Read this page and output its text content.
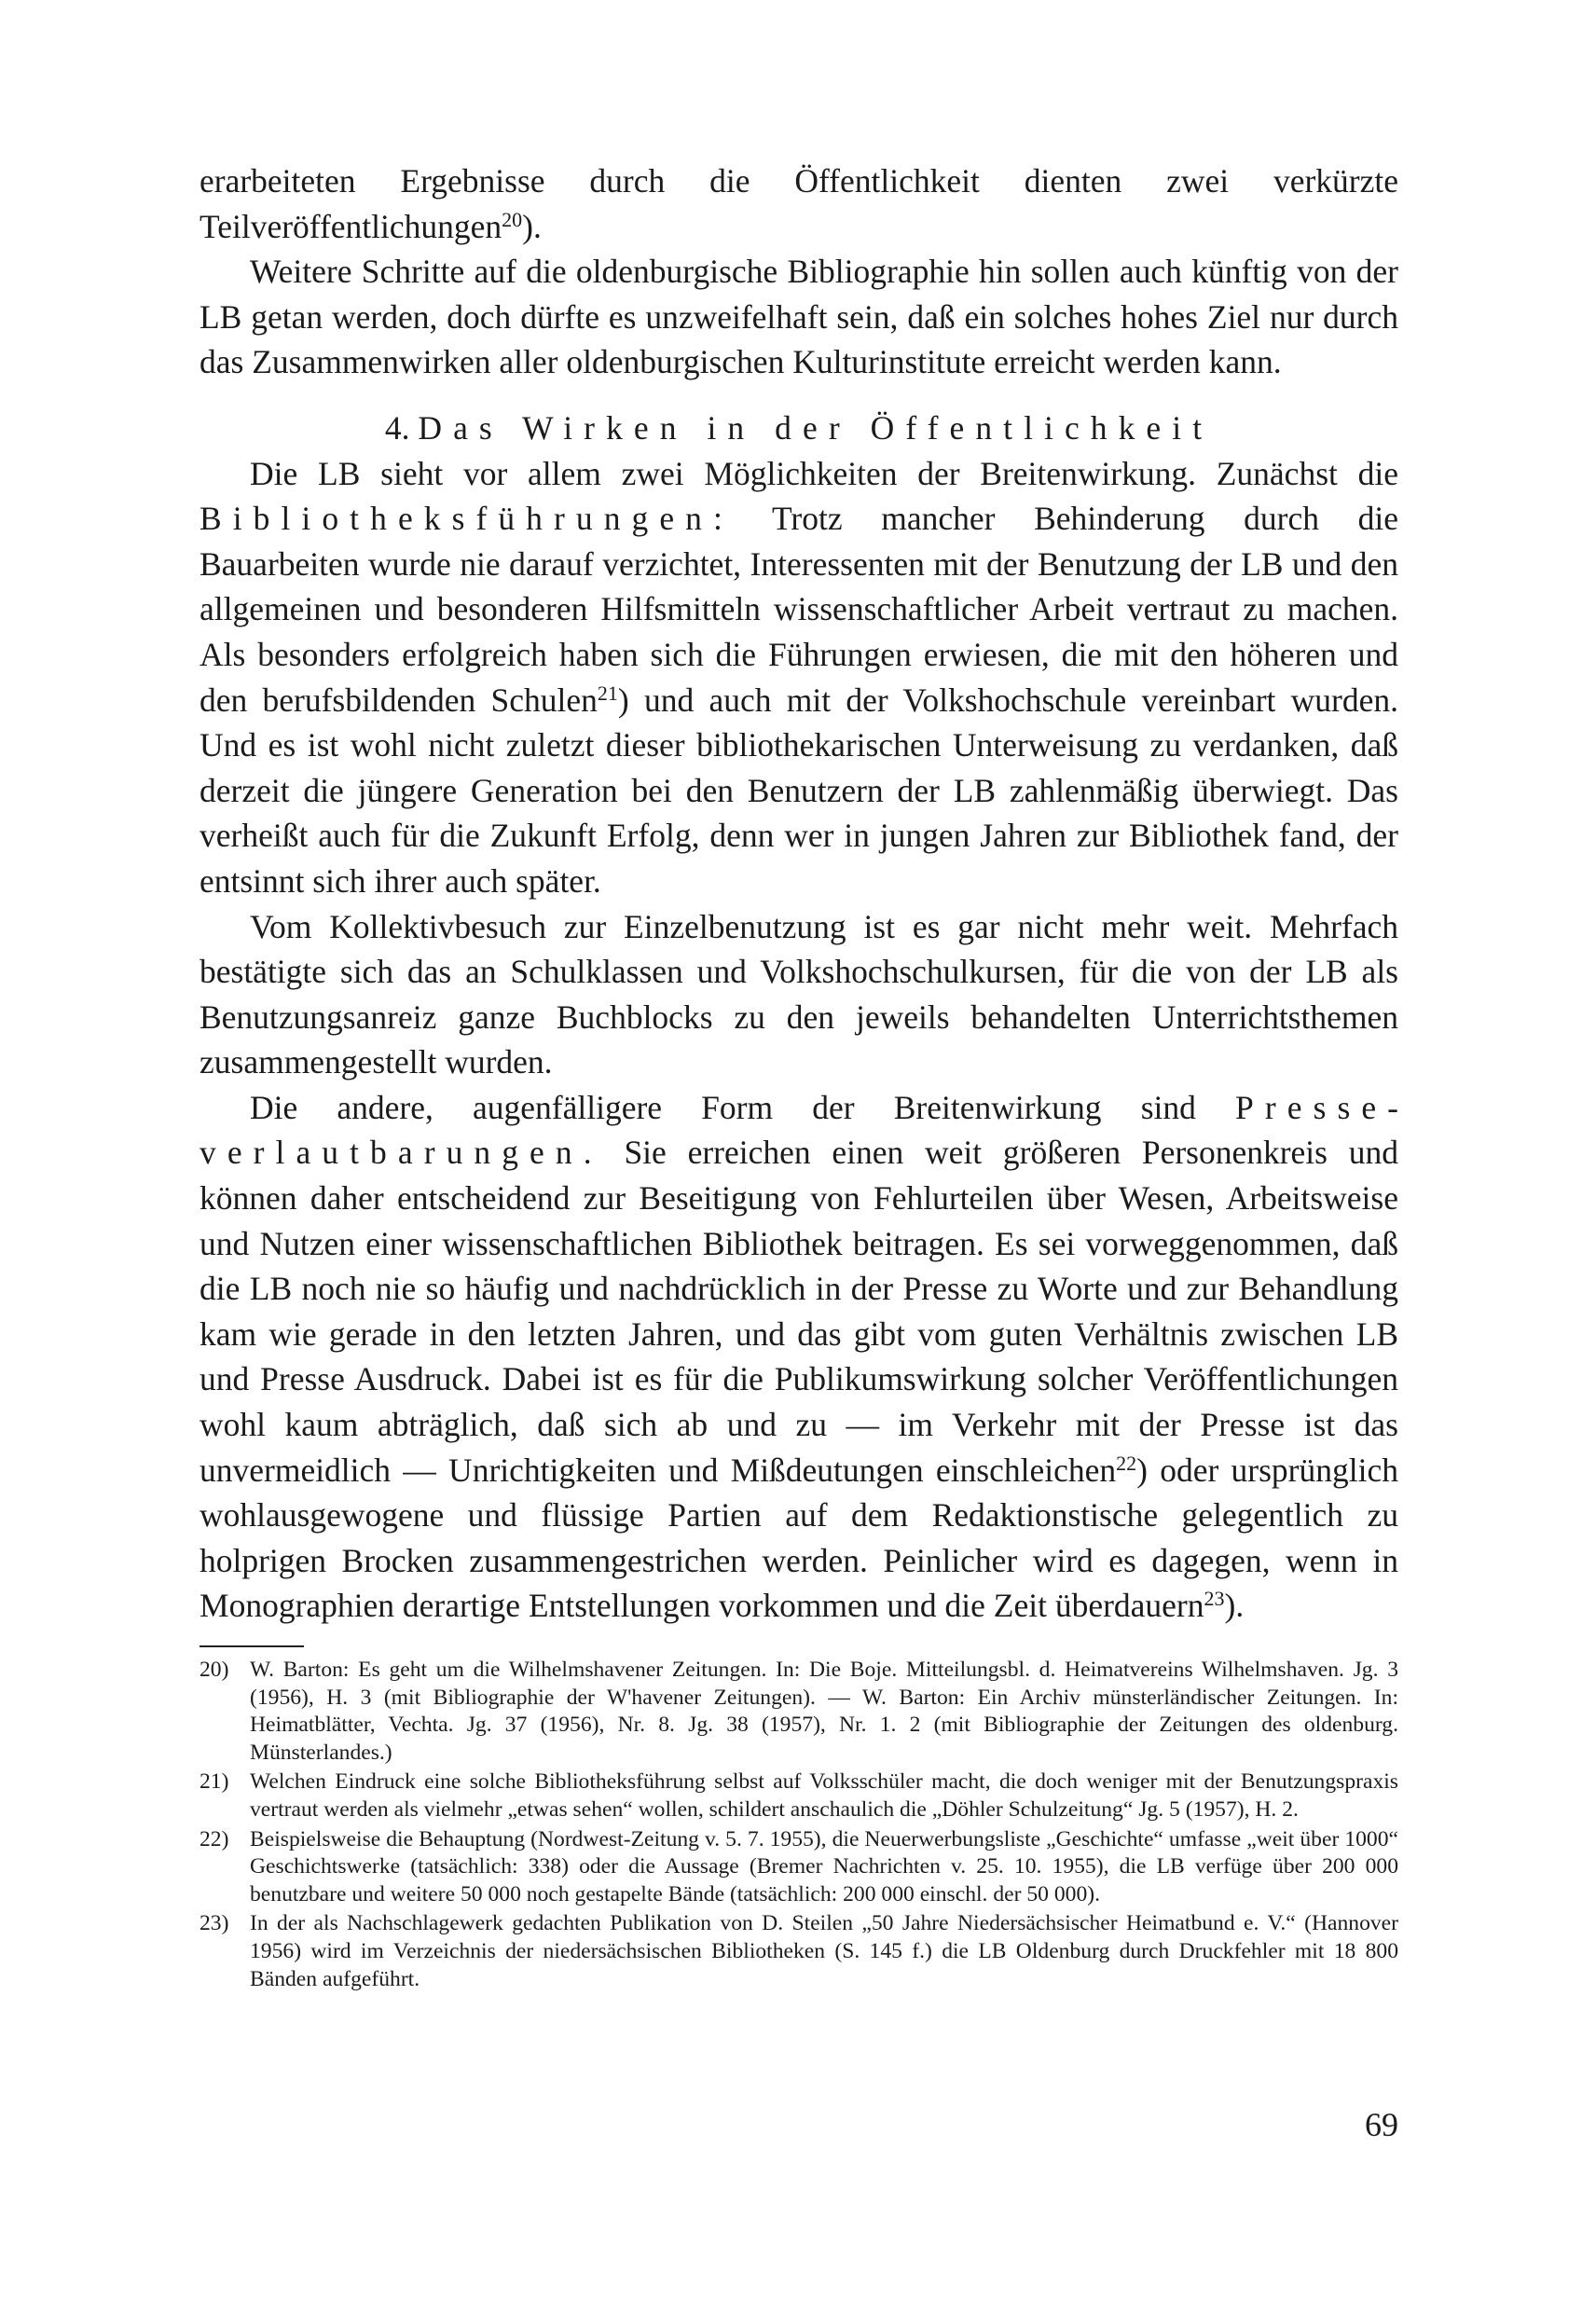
erarbeiteten Ergebnisse durch die Öffentlichkeit dienten zwei verkürzte Teilveröffentlichungen$^{20}$).

Weitere Schritte auf die oldenburgische Bibliographie hin sollen auch künftig von der LB getan werden, doch dürfte es unzweifelhaft sein, daß ein solches hohes Ziel nur durch das Zusammenwirken aller oldenburgischen Kulturinstitute erreicht werden kann.

4. Das Wirken in der Öffentlichkeit

Die LB sieht vor allem zwei Möglichkeiten der Breitenwirkung. Zunächst die Bibliotheksführungen: Trotz mancher Behinderung durch die Bauarbeiten wurde nie darauf verzichtet, Interessenten mit der Benutzung der LB und den allgemeinen und besonderen Hilfsmitteln wissenschaftlicher Arbeit vertraut zu machen. Als besonders erfolgreich haben sich die Führungen erwiesen, die mit den höheren und den berufsbildenden Schulen$^{21}$) und auch mit der Volkshochschule vereinbart wurden. Und es ist wohl nicht zuletzt dieser bibliothekarischen Unterweisung zu verdanken, daß derzeit die jüngere Generation bei den Benutzern der LB zahlenmäßig überwiegt. Das verheißt auch für die Zukunft Erfolg, denn wer in jungen Jahren zur Bibliothek fand, der entsinnt sich ihrer auch später.

Vom Kollektivbesuch zur Einzelbenutzung ist es gar nicht mehr weit. Mehrfach bestätigte sich das an Schulklassen und Volkshochschulkursen, für die von der LB als Benutzungsanreiz ganze Buchblocks zu den jeweils behandelten Unterrichtsthemen zusammengestellt wurden.

Die andere, augenfälligere Form der Breitenwirkung sind Presseverlautbarungen. Sie erreichen einen weit größeren Personenkreis und können daher entscheidend zur Beseitigung von Fehlurteilen über Wesen, Arbeitsweise und Nutzen einer wissenschaftlichen Bibliothek beitragen. Es sei vorweggenommen, daß die LB noch nie so häufig und nachdrücklich in der Presse zu Worte und zur Behandlung kam wie gerade in den letzten Jahren, und das gibt vom guten Verhältnis zwischen LB und Presse Ausdruck. Dabei ist es für die Publikumswirkung solcher Veröffentlichungen wohl kaum abträglich, daß sich ab und zu — im Verkehr mit der Presse ist das unvermeidlich — Unrichtigkeiten und Mißdeutungen einschleichen$^{22}$) oder ursprünglich wohlausgewogene und flüssige Partien auf dem Redaktionstische gelegentlich zu holprigen Brocken zusammengestrichen werden. Peinlicher wird es dagegen, wenn in Monographien derartige Entstellungen vorkommen und die Zeit überdauern$^{23}$).

20) W. Barton: Es geht um die Wilhelmshavener Zeitungen. In: Die Boje. Mitteilungsbl. d. Heimatvereins Wilhelmshaven. Jg. 3 (1956), H. 3 (mit Bibliographie der W'havener Zeitungen). — W. Barton: Ein Archiv münsterländischer Zeitungen. In: Heimatblätter, Vechta. Jg. 37 (1956), Nr. 8. Jg. 38 (1957), Nr. 1. 2 (mit Bibliographie der Zeitungen des oldenburg. Münsterlandes.)
21) Welchen Eindruck eine solche Bibliotheksführung selbst auf Volksschüler macht, die doch weniger mit der Benutzungspraxis vertraut werden als vielmehr „etwas sehen“ wollen, schildert anschaulich die „Döhler Schulzeitung“ Jg. 5 (1957), H. 2.
22) Beispielsweise die Behauptung (Nordwest-Zeitung v. 5. 7. 1955), die Neuerwerbungsliste „Geschichte“ umfasse „weit über 1000“ Geschichtswerke (tatsächlich: 338) oder die Aussage (Bremer Nachrichten v. 25. 10. 1955), die LB verfüge über 200 000 benutzbare und weitere 50 000 noch gestapelte Bände (tatsächlich: 200 000 einschl. der 50 000).
23) In der als Nachschlagewerk gedachten Publikation von D. Steilen „50 Jahre Niedersächsischer Heimatbund e. V.“ (Hannover 1956) wird im Verzeichnis der niedersächsischen Bibliotheken (S. 145 f.) die LB Oldenburg durch Druckfehler mit 18 800 Bänden aufgeführt.
69
